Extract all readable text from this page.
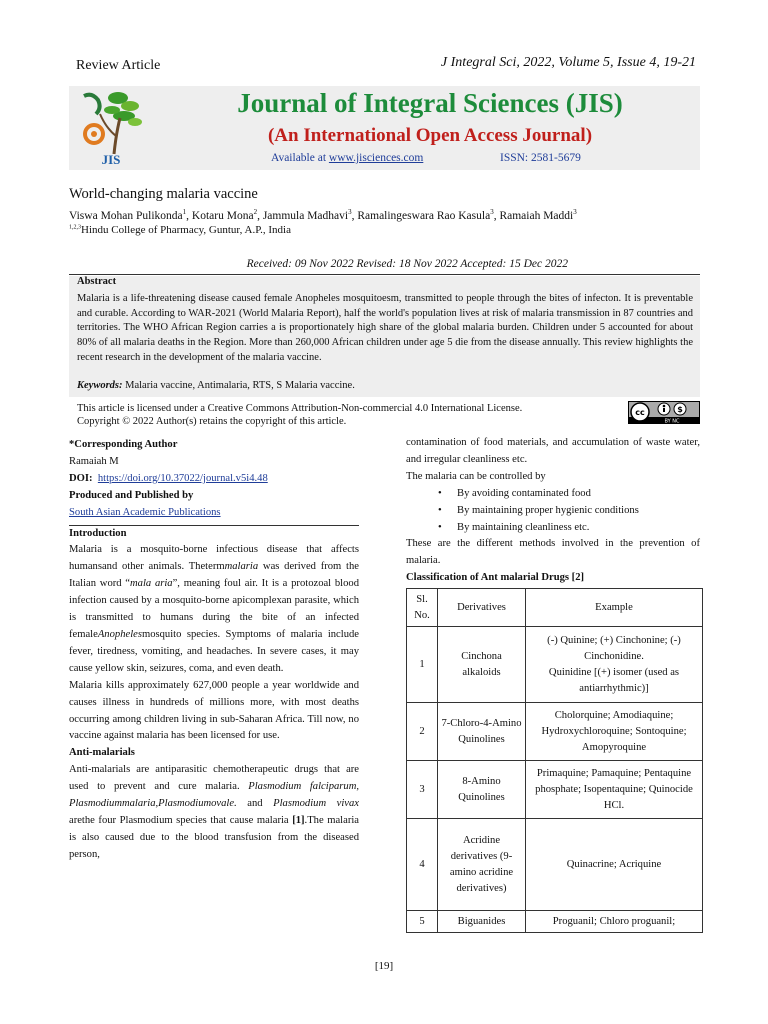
Review Article	J Integral Sci, 2022, Volume 5, Issue 4, 19-21
JIS
Journal of Integral Sciences (JIS)
(An International Open Access Journal)
Available at www.jisciences.com	ISSN: 2581-5679
World-changing malaria vaccine
Viswa Mohan Pulikonda$^1$, Kotaru Mona$^2$, Jammula Madhavi$^3$, Ramalingeswara Rao Kasula$^3$, Ramaiah Maddi$^3$
$^{1,2,3}$Hindu College of Pharmacy, Guntur, A.P., India
Received: 09 Nov 2022 Revised: 18 Nov 2022 Accepted: 15 Dec 2022
Abstract
Malaria is a life-threatening disease caused female Anopheles mosquitoesm, transmitted to people through the bites of infecton. It is preventable and curable. According to WAR-2021 (World Malaria Report), half the world's population lives at risk of malaria transmission in 87 countries and territories. The WHO African Region carries a is proportionately high share of the global malaria burden. Children under 5 accounted for about 80% of all malaria deaths in the Region. More than 260,000 African children under age 5 die from the disease annually. This review highlights the recent research in the development of the malaria vaccine.
Keywords: Malaria vaccine, Antimalaria, RTS, S Malaria vaccine.
This article is licensed under a Creative Commons Attribution-Non-commercial 4.0 International License.
Copyright © 2022 Author(s) retains the copyright of this article.
cc	$
BY NC

*Corresponding Author

Ramaiah M

DOI: https://doi.org/10.37022/journal.v5i4.48

Produced and Published by

South Asian Academic Publications

Introduction

Malaria is a mosquito-borne infectious disease that affects humansand other animals. Thetermmalaria was derived from the Italian word “mala aria”, meaning foul air. It is a protozoal blood infection caused by a mosquito-borne apicomplexan parasite, which is transmitted to humans during the bite of an infected femaleAnophelesmosquito species. Symptoms of malaria include fever, tiredness, vomiting, and headaches. In severe cases, it may cause yellow skin, seizures, coma, and even death.

Malaria kills approximately 627,000 people a year worldwide and causes illness in hundreds of millions more, with most deaths occurring among children living in sub-Saharan Africa. Till now, no vaccine against malaria has been licensed for use.

Anti-malarials

Anti-malarials are antiparasitic chemotherapeutic drugs that are used to prevent and cure malaria. Plasmodium falciparum, Plasmodiummalaria,Plasmodiumovale. and Plasmodium vivax arethe four Plasmodium species that cause malaria [1].The malaria is also caused due to the blood transfusion from the diseased person,

contamination of food materials, and accumulation of waste water, and irregular cleanliness etc.

The malaria can be controlled by

• By avoiding contaminated food
• By maintaining proper hygienic conditions
• By maintaining cleanliness etc.

These are the different methods involved in the prevention of malaria.

Classification of Ant malarial Drugs [2]

Sl. No.	Derivatives	Example
1	Cinchona alkaloids	(-) Quinine; (+) Cinchonine; (-) Cinchonidine.
Quinidine [(+) isomer (used as antiarrhythmic)]

2	7-Chloro-4-Amino Quinolines	Cholorquine; Amodiaquine; Hydroxychloroquine; Sontoquine; Amopyroquine
3	8-Amino Quinolines	Primaquine; Pamaquine; Pentaquine phosphate; Isopentaquine; Quinocide HCl.
4	Acridine derivatives (9-amino acridine derivatives)	Quinacrine; Acriquine
5	Biguanides	Proguanil; Chloro proguanil;
[19]
